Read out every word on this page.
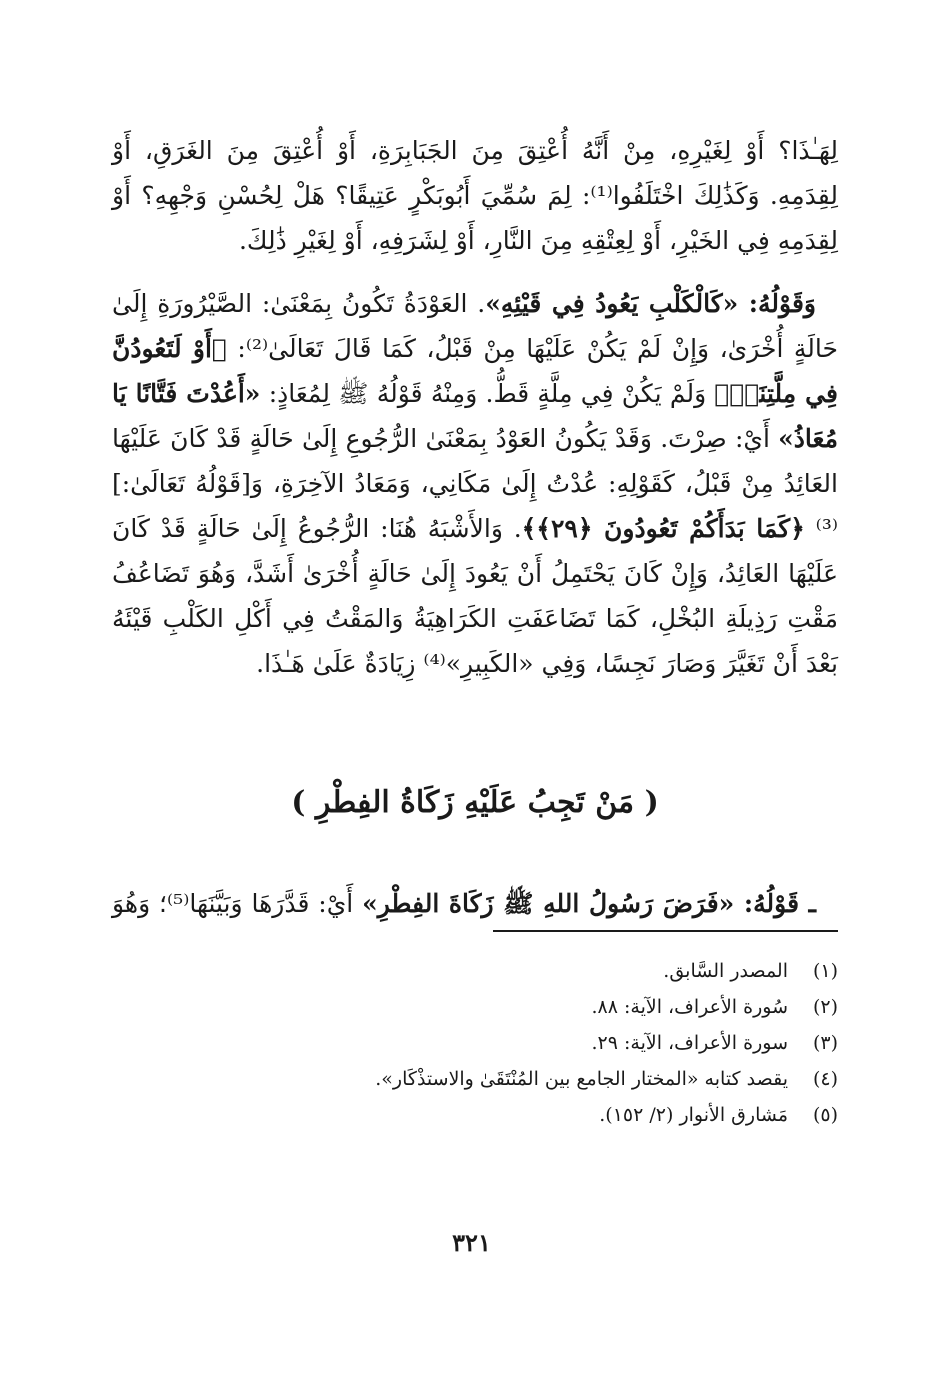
لِهَـٰذَا؟ أَوْ لِغَيْرِهِ، مِنْ أَنَّهُ أُعْتِقَ مِنَ الجَبَابِرَةِ، أَوْ أُعْتِقَ مِنَ الغَرَقِ، أَوْ لِقِدَمِهِ. وَكَذَٰلِكَ اخْتَلَفُوا⁽¹⁾: لِمَ سُمِّيَ أَبُوبَكْرٍ عَتِيقًا؟ هَلْ لِحُسْنِ وَجْهِهِ؟ أَوْ لِقِدَمِهِ فِي الخَيْرِ، أَوْ لِعِتْقِهِ مِنَ النَّارِ، أَوْ لِشَرَفِهِ، أَوْ لِغَيْرِ ذَٰلِكَ.

وَقَوْلُهُ: «كَالْكَلْبِ يَعُودُ فِي قَيْئِهِ». العَوْدَةُ تَكُونُ بِمَعْنَىٰ: الصَّيْرُورَةِ إِلَىٰ حَالَةٍ أُخْرَىٰ، وَإِنْ لَمْ يَكُنْ عَلَيْهَا مِنْ قَبْلُ، كَمَا قَالَ تَعَالَىٰ⁽²⁾: ﴿أَوْ لَتَعُودُنَّ فِي مِلَّتِنَاۚ﴾ وَلَمْ يَكُنْ فِي مِلَّةٍ قَطُّ. وَمِنْهُ قَوْلُهُ ﷺ لِمُعَاذٍ: «أَعُدْتَ فَتَّانًا يَا مُعَاذُ» أَيْ: صِرْتَ. وَقَدْ يَكُونُ العَوْدُ بِمَعْنَىٰ الرُّجُوعِ إِلَىٰ حَالَةٍ قَدْ كَانَ عَلَيْهَا العَائِدُ مِنْ قَبْلُ، كَقَوْلِهِ: عُدْتُ إِلَىٰ مَكَانِي، وَمَعَادُ الآخِرَةِ، وَ[قَوْلُهُ تَعَالَىٰ:]⁽³⁾ ﴿كَمَا بَدَأَكُمْ تَعُودُونَ ﴿٢٩﴾﴾. وَالأَشْبَهُ هُنَا: الرُّجُوعُ إِلَىٰ حَالَةٍ قَدْ كَانَ عَلَيْهَا العَائِدُ، وَإِنْ كَانَ يَحْتَمِلُ أَنْ يَعُودَ إِلَىٰ حَالَةٍ أُخْرَىٰ أَشَدَّ، وَهُوَ تَضَاعُفُ مَقْتِ رَذِيلَةِ البُخْلِ، كَمَا تَضَاعَفَتِ الكَرَاهِيَةُ وَالمَقْتُ فِي أَكْلِ الكَلْبِ قَيْئَهُ بَعْدَ أَنْ تَغَيَّرَ وَصَارَ نَجِسًا، وَفِي «الكَبِيرِ»⁽⁴⁾ زِيَادَةٌ عَلَىٰ هَـٰذَا.

( مَنْ تَجِبُ عَلَيْهِ زَكَاةُ الفِطْرِ )

ـ قَوْلُهُ: «فَرَضَ رَسُولُ اللهِ ﷺ زَكَاةَ الفِطْرِ» أَيْ: قَدَّرَهَا وَبَيَّنَهَا⁽⁵⁾؛ وَهُوَ

(١)
المصدر السَّابق.
(٢)
سُورة الأعراف، الآية: ٨٨.
(٣)
سورة الأعراف، الآية: ٢٩.
(٤)
يقصد كتابه «المختار الجامع بين المُنْتَقَىٰ والاستذْكَار».
(٥)
مَشارق الأنوار (٢/ ١٥٢).
٣٢١
